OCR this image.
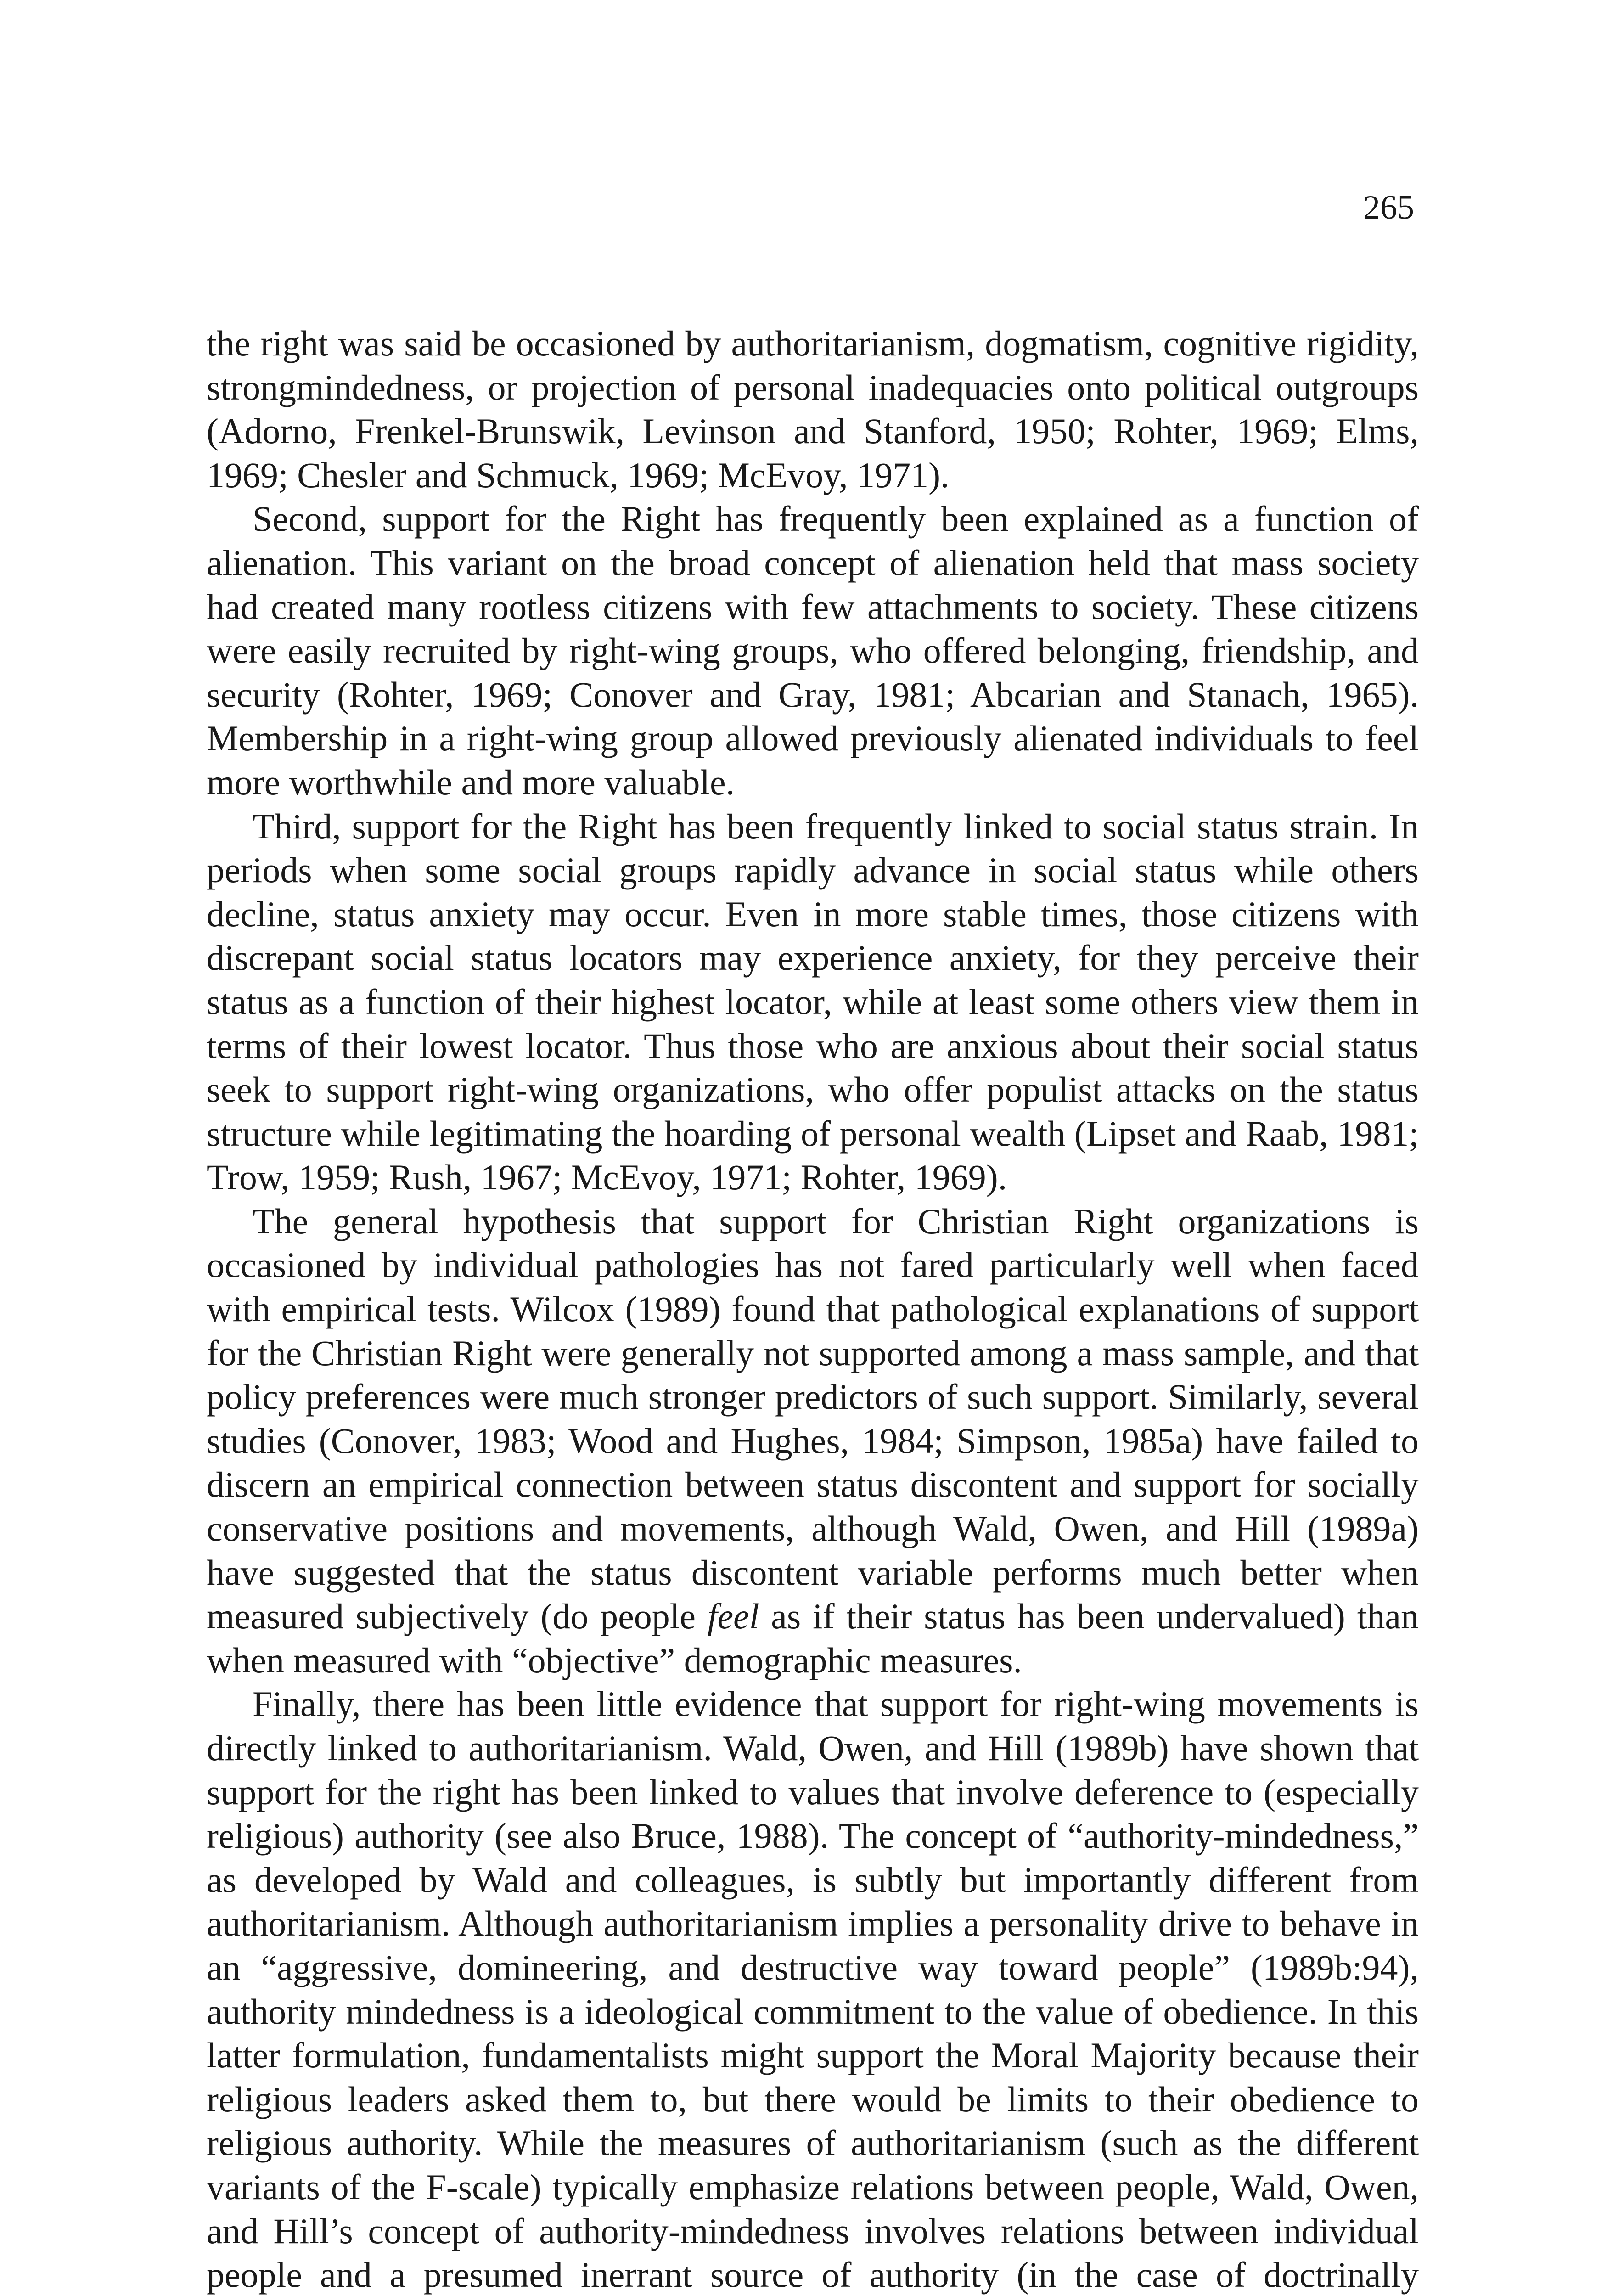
265

the right was said be occasioned by authoritarianism, dogmatism, cognitive rigidity, strongmindedness, or projection of personal inadequacies onto political outgroups (Adorno, Frenkel-Brunswik, Levinson and Stanford, 1950; Rohter, 1969; Elms, 1969; Chesler and Schmuck, 1969; McEvoy, 1971).

Second, support for the Right has frequently been explained as a function of alienation. This variant on the broad concept of alienation held that mass society had created many rootless citizens with few attachments to society. These citizens were easily recruited by right-wing groups, who offered belonging, friendship, and security (Rohter, 1969; Conover and Gray, 1981; Abcarian and Stanach, 1965). Membership in a right-wing group allowed previously alienated individuals to feel more worthwhile and more valuable.

Third, support for the Right has been frequently linked to social status strain. In periods when some social groups rapidly advance in social status while others decline, status anxiety may occur. Even in more stable times, those citizens with discrepant social status locators may experience anxiety, for they perceive their status as a function of their highest locator, while at least some others view them in terms of their lowest locator. Thus those who are anxious about their social status seek to support right-wing organizations, who offer populist attacks on the status structure while legitimating the hoarding of personal wealth (Lipset and Raab, 1981; Trow, 1959; Rush, 1967; McEvoy, 1971; Rohter, 1969).

The general hypothesis that support for Christian Right organizations is occasioned by individual pathologies has not fared particularly well when faced with empirical tests. Wilcox (1989) found that pathological explanations of support for the Christian Right were generally not supported among a mass sample, and that policy preferences were much stronger predictors of such support. Similarly, several studies (Conover, 1983; Wood and Hughes, 1984; Simpson, 1985a) have failed to discern an empirical connection between status discontent and support for socially conservative positions and movements, although Wald, Owen, and Hill (1989a) have suggested that the status discontent variable performs much better when measured subjectively (do people feel as if their status has been undervalued) than when measured with “objective” demographic measures.

Finally, there has been little evidence that support for right-wing movements is directly linked to authoritarianism. Wald, Owen, and Hill (1989b) have shown that support for the right has been linked to values that involve deference to (especially religious) authority (see also Bruce, 1988). The concept of “authority-mindedness,” as developed by Wald and colleagues, is subtly but importantly different from authoritarianism. Although authoritarianism implies a personality drive to behave in an “aggressive, domineering, and destructive way toward people” (1989b:94), authority mindedness is a ideological commitment to the value of obedience. In this latter formulation, fundamentalists might support the Moral Majority because their religious leaders asked them to, but there would be limits to their obedience to religious authority. While the measures of authoritarianism (such as the different variants of the F-scale) typically emphasize relations between people, Wald, Owen, and Hill’s concept of authority-mindedness involves relations between individual people and a presumed inerrant source of authority (in the case of doctrinally
